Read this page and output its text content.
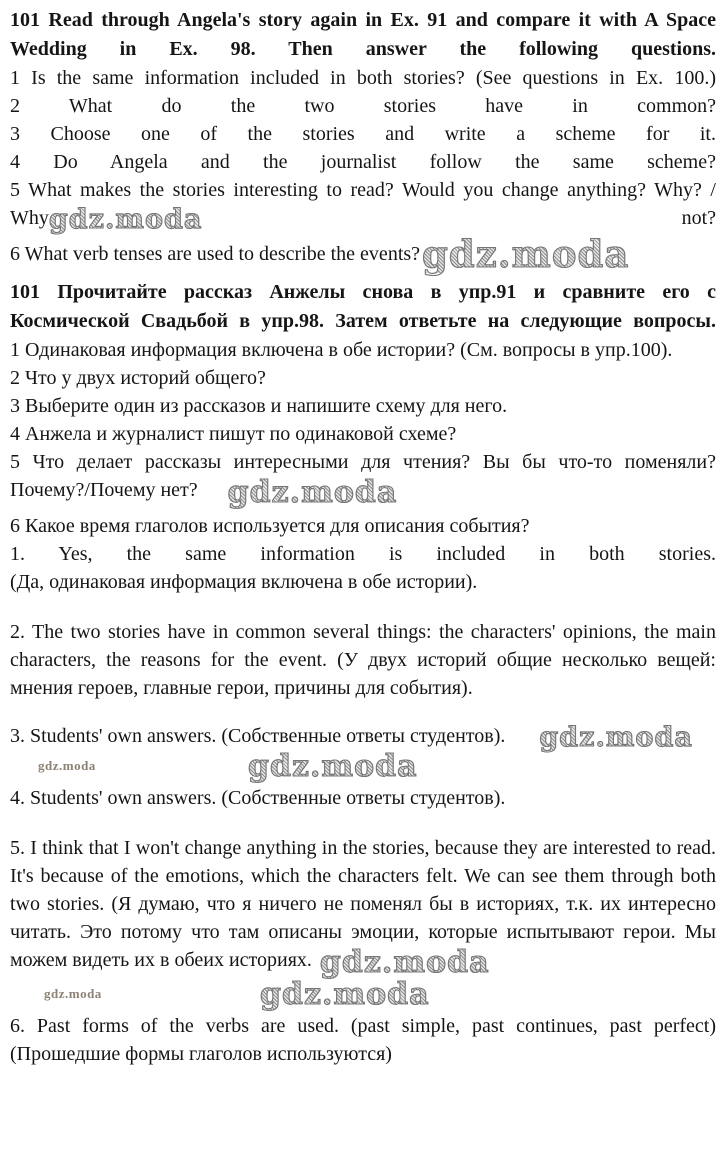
101 Read through Angela's story again in Ex. 91 and compare it with A Space
Wedding in Ex. 98. Then answer the following questions.
1 Is the same information included in both stories? (See questions in Ex. 100.)
2 What do the two stories have in common?
3 Choose one of the stories and write a scheme for it.
4 Do Angela and the journalist follow the same scheme?
5 What makes the stories interesting to read? Would you change anything? Why? /
Whygdz.moda	not?
6 What verb tenses are used to describe the events?gdz.moda
101 Прочитайте рассказ Анжелы снова в упр.91 и сравните его с
Космической Свадьбой в упр.98. Затем ответьте на следующие вопросы.
1 Одинаковая информация включена в обе истории? (См. вопросы в упр.100).
2 Что у двух историй общего?
3 Выберите один из рассказов и напишите схему для него.
4 Анжела и журналист пишут по одинаковой схеме?
5 Что делает рассказы интересными для чтения? Вы бы что-то поменяли?
Почему?/Почему нет? gdz.moda
6 Какое время глаголов используется для описания события?
1. Yes, the same information is included in both stories.
(Да, одинаковая информация включена в обе истории).

2. The two stories have in common several things: the characters' opinions, the main characters, the reasons for the event. (У двух историй общие несколько вещей: мнения героев, главные герои, причины для события).

3. Students' own answers. (Собственные ответы студентов). gdz.moda
gdz.moda	gdz.moda
4. Students' own answers. (Собственные ответы студентов).

5. I think that I won't change anything in the stories, because they are interested to read. It's because of the emotions, which the characters felt. We can see them through both two stories. (Я думаю, что я ничего не поменял бы в историях, т.к. их интересно читать. Это потому что там описаны эмоции, которые испытывают герои. Мы можем видеть их в обеих историях. gdz.moda

gdz.moda	gdz.moda
6. Past forms of the verbs are used. (past simple, past continues, past perfect)
(Прошедшие формы глаголов используются)
